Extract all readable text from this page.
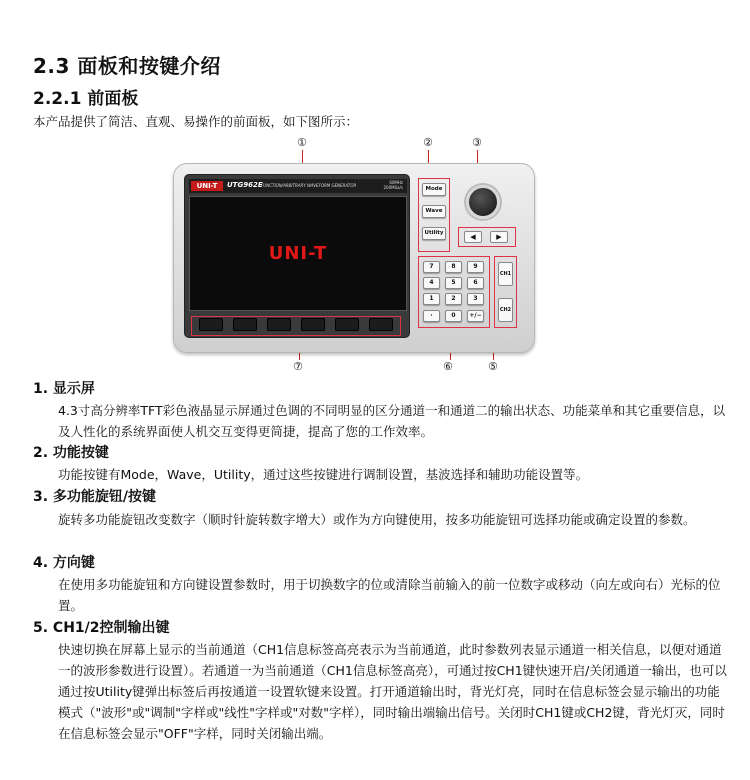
2.3 面板和按键介绍
2.2.1 前面板
本产品提供了简洁、直观、易操作的前面板，如下图所示：
①	②	③
⑤
⑥
⑦
UNI-T	UTG962E
FUNCTION/ARBITRARY WAVEFORM GENERATOR
60MHz
200MSa/s
UNI-T
Mode
Wave
Utility	◀	▶
7	8	9
4	5	6
1	2	3
·	0	+/−
CH1
CH2
1. 显示屏
4.3寸高分辨率TFT彩色液晶显示屏通过色调的不同明显的区分通道一和通道二的输出状态、功能菜单和其它重要信息，以及人性化的系统界面使人机交互变得更简捷，提高了您的工作效率。
2. 功能按键
功能按键有Mode，Wave，Utility，通过这些按键进行调制设置，基波选择和辅助功能设置等。
3. 多功能旋钮/按键
旋转多功能旋钮改变数字（顺时针旋转数字增大）或作为方向键使用，按多功能旋钮可选择功能或确定设置的参数。
4. 方向键
在使用多功能旋钮和方向键设置参数时，用于切换数字的位或清除当前输入的前一位数字或移动（向左或向右）光标的位置。
5. CH1/2控制输出键
快速切换在屏幕上显示的当前通道（CH1信息标签高亮表示为当前通道，此时参数列表显示通道一相关信息，以便对通道一的波形参数进行设置）。若通道一为当前通道（CH1信息标签高亮），可通过按CH1键快速开启/关闭通道一输出，也可以通过按Utility键弹出标签后再按通道一设置软键来设置。打开通道输出时，背光灯亮，同时在信息标签会显示输出的功能模式（"波形"或"调制"字样或"线性"字样或"对数"字样），同时输出端输出信号。关闭时CH1键或CH2键，背光灯灭，同时在信息标签会显示"OFF"字样，同时关闭输出端。
